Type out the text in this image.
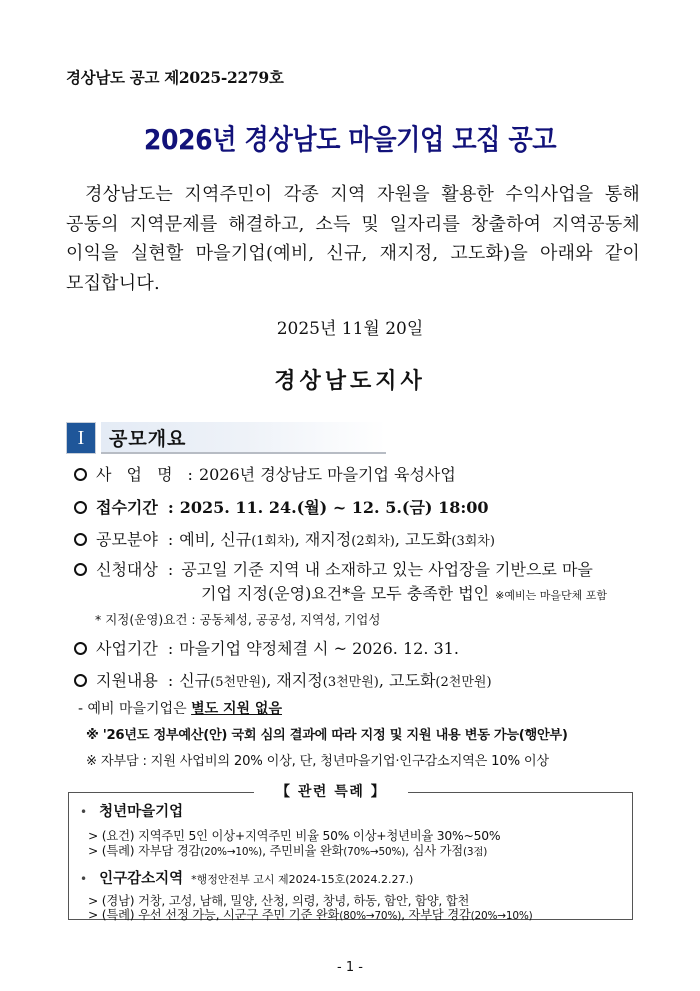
경상남도 공고 제2025-2279호
2026년 경상남도 마을기업 모집 공고
경상남도는 지역주민이 각종 지역 자원을 활용한 수익사업을 통해
공동의 지역문제를 해결하고, 소득 및 일자리를 창출하여 지역공동체
이익을 실현할 마을기업(예비, 신규, 재지정, 고도화)을 아래와 같이
모집합니다.
2025년 11월 20일
경상남도지사
I	공모개요
사 업 명 : 2026년 경상남도 마을기업 육성사업
접수기간 : 2025. 11. 24.(월) ~ 12. 5.(금) 18:00
공모분야 : 예비, 신규(1회차), 재지정(2회차), 고도화(3회차)
신청대상 : 공고일 기준 지역 내 소재하고 있는 사업장을 기반으로 마을
기업 지정(운영)요건*을 모두 충족한 법인 ※예비는 마을단체 포함
* 지정(운영)요건 : 공동체성, 공공성, 지역성, 기업성
사업기간 : 마을기업 약정체결 시 ~ 2026. 12. 31.
지원내용 : 신규(5천만원), 재지정(3천만원), 고도화(2천만원)
- 예비 마을기업은 별도 지원 없음
※ '26년도 정부예산(안) 국회 심의 결과에 따라 지정 및 지원 내용 변동 가능(행안부)
※ 자부담 : 지원 사업비의 20% 이상, 단, 청년마을기업·인구감소지역은 10% 이상
【 관련 특례 】
• 청년마을기업
> (요건) 지역주민 5인 이상+지역주민 비율 50% 이상+청년비율 30%~50%
> (특례) 자부담 경감(20%→10%), 주민비율 완화(70%→50%), 심사 가점(3점)
• 인구감소지역 *행정안전부 고시 제2024-15호(2024.2.27.)
> (경남) 거창, 고성, 남해, 밀양, 산청, 의령, 창녕, 하동, 함안, 함양, 합천
> (특례) 우선 선정 가능, 시군구 주민 기준 완화(80%→70%), 자부담 경감(20%→10%)
- 1 -
